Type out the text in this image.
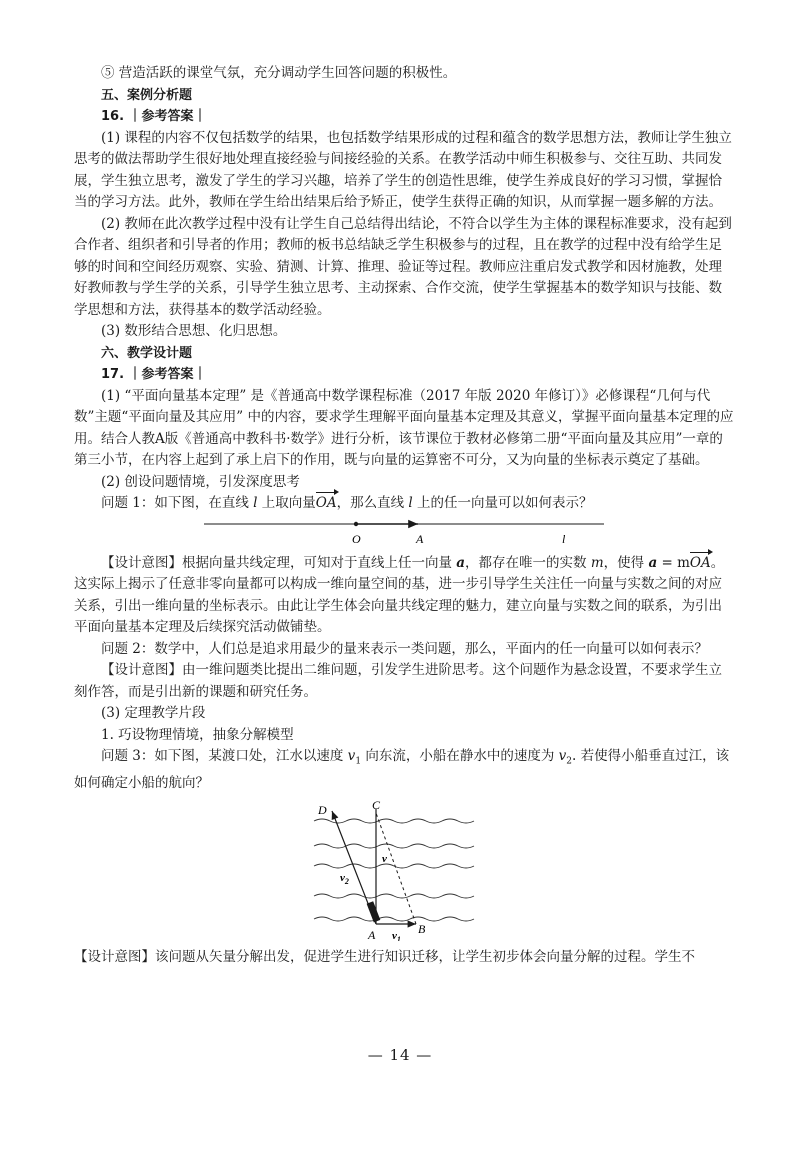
⑤ 营造活跃的课堂气氛，充分调动学生回答问题的积极性。

五、案例分析题

16. ｜参考答案｜

(1) 课程的内容不仅包括数学的结果，也包括数学结果形成的过程和蕴含的数学思想方法，教师让学生独立思考的做法帮助学生很好地处理直接经验与间接经验的关系。在教学活动中师生积极参与、交往互助、共同发展，学生独立思考，激发了学生的学习兴趣，培养了学生的创造性思维，使学生养成良好的学习习惯，掌握恰当的学习方法。此外，教师在学生给出结果后给予矫正，使学生获得正确的知识，从而掌握一题多解的方法。

(2) 教师在此次教学过程中没有让学生自己总结得出结论，不符合以学生为主体的课程标准要求，没有起到合作者、组织者和引导者的作用；教师的板书总结缺乏学生积极参与的过程，且在教学的过程中没有给学生足够的时间和空间经历观察、实验、猜测、计算、推理、验证等过程。教师应注重启发式教学和因材施教，处理好教师教与学生学的关系，引导学生独立思考、主动探索、合作交流，使学生掌握基本的数学知识与技能、数学思想和方法，获得基本的数学活动经验。

(3) 数形结合思想、化归思想。

六、教学设计题

17. ｜参考答案｜

(1) “平面向量基本定理” 是《普通高中数学课程标准（2017 年版 2020 年修订）》必修课程“几何与代数”主题“平面向量及其应用” 中的内容，要求学生理解平面向量基本定理及其意义，掌握平面向量基本定理的应用。结合人教A版《普通高中教科书·数学》进行分析，该节课位于教材必修第二册“平面向量及其应用”一章的第三小节，在内容上起到了承上启下的作用，既与向量的运算密不可分，又为向量的坐标表示奠定了基础。

(2) 创设问题情境，引发深度思考

问题 1：如下图，在直线 l 上取向量OA，那么直线 l 上的任一向量可以如何表示？

O	A	l

【设计意图】根据向量共线定理，可知对于直线上任一向量 a，都存在唯一的实数 m，使得 a = mOA。这实际上揭示了任意非零向量都可以构成一维向量空间的基，进一步引导学生关注任一向量与实数之间的对应关系，引出一维向量的坐标表示。由此让学生体会向量共线定理的魅力，建立向量与实数之间的联系，为引出平面向量基本定理及后续探究活动做铺垫。

问题 2：数学中，人们总是追求用最少的量来表示一类问题，那么，平面内的任一向量可以如何表示？

【设计意图】由一维问题类比提出二维问题，引发学生进阶思考。这个问题作为悬念设置，不要求学生立刻作答，而是引出新的课题和研究任务。

(3) 定理教学片段

1. 巧设物理情境，抽象分解模型

问题 3：如下图，某渡口处，江水以速度 $v_1$ 向东流，小船在静水中的速度为 $v_2$. 若使得小船垂直过江，该如何确定小船的航向？

D	C
v
$v_2$
A $v_1$
B

【设计意图】该问题从矢量分解出发，促进学生进行知识迁移，让学生初步体会向量分解的过程。学生不

— 14 —
